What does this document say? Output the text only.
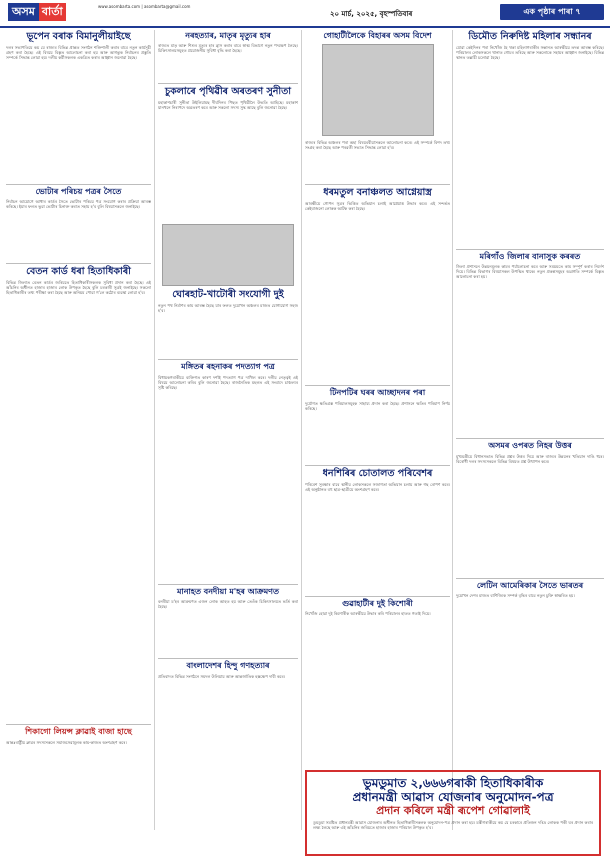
অসম বাৰ্তা	www.asombarta.com | asombarta@gmail.com
২০ মাৰ্চ, ২০২৫, বৃহস্পতিবাৰ	এক পৃষ্ঠাৰ পাৰা ৭
ভূপেন বৰাক বিমানুলীয়াইছে
দলৰ সভাপতিয়ে কয় যে ৰাজ্যৰ বিভিন্ন প্ৰান্তত সংগঠন শক্তিশালী কৰাৰ বাবে নতুন কাৰ্যসূচী গ্ৰহণ কৰা হৈছে। এই বিষয়ে বিস্তৃত আলোচনা কৰা হয় আৰু আগন্তুক নিৰ্বাচনৰ প্ৰস্তুতি সম্পৰ্কে সিদ্ধান্ত লোৱা হয়। দলীয় কৰ্মীসকলক একত্ৰিত কৰাৰ আহ্বান জনোৱা হৈছে।
ভোটাৰ পৰিচয় পত্ৰৰ সৈতে
নিৰ্বাচন আয়োগে আধাৰ কাৰ্ডৰ সৈতে ভোটাৰ পৰিচয় পত্ৰ সংযোগ কৰাৰ প্ৰক্ৰিয়া আৰম্ভ কৰিছে। ইয়াৰ ফলত ভুৱা ভোটাৰ চিনাক্ত কৰাত সহায় হ'ব বুলি বিষয়াসকলে জনাইছে।
বেতন কাৰ্ড ধৰা হিতাধিকাৰী
বিভিন্ন জিলাত বেতন কাৰ্ডৰ জৰিয়তে হিতাধিকাৰীসকলক সুবিধা প্ৰদান কৰা হৈছে। এই আঁচনিৰ অধীনত হাজাৰ হাজাৰ লোক উপকৃত হৈছে বুলি চৰকাৰী সূত্ৰই জনাইছে। সকলো হিতাধিকাৰীৰ তথ্য পৰীক্ষা কৰা হৈছে আৰু অনিয়ম পোৱা গ'লে কঠোৰ ব্যৱস্থা লোৱা হ'ব।
শিকাগো লিয়ন্স ক্লাৱাই বাজা হাছে
আন্তঃৰাষ্ট্ৰীয় ক্লাৱৰ সদস্যসকলে সমাজসেৱামূলক কাম-কাজত অংশগ্ৰহণ কৰে।
নৰহত্যাৰ, মাতৃৰ মৃত্যুৰ হাৰ
ৰাজ্যত মাতৃ আৰু শিশুৰ মৃত্যুৰ হাৰ হ্ৰাস কৰাৰ বাবে স্বাস্থ্য বিভাগে নতুন পদক্ষেপ লৈছে। চিকিৎসালয়সমূহত প্ৰয়োজনীয় সুবিধা বৃদ্ধি কৰা হৈছে।
চুকলাৰে পৃথিৱীৰ অৰতৰণ সুনীতা
মহাকাশচাৰী সুনীতা উইলিয়ামছ দীৰ্ঘদিনৰ পিছত পৃথিৱীলৈ উভতি আহিছে। মহাকাশ যানখনে নিৰাপদে অৱতৰণ কৰে আৰু সকলো সদস্য সুস্থ আছে বুলি জনোৱা হৈছে।
ঘোৰহাট-খাটোৰী সংযোগী দুই
নতুন পথ নিৰ্মাণৰ কাম আৰম্ভ হৈছে যাৰ ফলত দুয়োখন অঞ্চলৰ মাজত যোগাযোগ সহজ হ'ব।
মঙ্গিতৰ ৰহনাকৰ পদত্যাগ পত্ৰ
বিধায়কগৰাকীয়ে ব্যক্তিগত কাৰণ দৰ্শাই পদত্যাগ পত্ৰ দাখিল কৰে। দলীয় নেতৃত্বই এই বিষয়ে আলোচনা কৰিব বুলি জনোৱা হৈছে। ৰাজনৈতিক মহলত এই সংবাদে চাঞ্চল্যৰ সৃষ্টি কৰিছে।
মানাহত বনদীয়া ম'হৰ আক্ৰমণত
বনৰীয়া ম'হৰ আক্ৰমণত এজন লোক আহত হয় আৰু তেওঁক চিকিৎসালয়ত ভৰ্তি কৰা হৈছে।
বাংলাদেশৰ হিন্দু গণহত্যাৰ
প্ৰতিবাদত বিভিন্ন সংগঠনে সমদল উলিয়ায় আৰু আন্তৰ্জাতিক হস্তক্ষেপ দাবী কৰে।
গোহাটীলৈকে বিহাৰৰ অসম বিদেশ
ৰাজ্যৰ বিভিন্ন অঞ্চলৰ পৰা অহা বিষয়ববীয়াসকলে আলোচনা কৰে। এই সম্পৰ্কে বিশদ তথ্য সংগ্ৰহ কৰা হৈছে আৰু পৰৱৰ্তী সভাত সিদ্ধান্ত লোৱা হ'ব।
ধৰমতুল বনাঞ্চলত আগ্নেয়াস্ত্ৰ
আৰক্ষীয়ে গোপন সূত্ৰৰ ভিত্তিত অভিযান চলাই আগ্নেয়াস্ত্ৰ উদ্ধাৰ কৰে। এই সন্দৰ্ভত কেইবাজনো লোকক আটক কৰা হৈছে।
টিনপটিৰ ঘৰৰ আচ্ছাদনৰ পৰা
দুৰ্যোগত ক্ষতিগ্ৰস্ত পৰিয়ালসমূহক সাহায্য প্ৰদান কৰা হৈছে। প্ৰশাসনে ক্ষতিৰ পৰিমাণ নিৰ্ণয় কৰিছে।
ধনশিৰিৰ চোতালত পৰিবেশৰ
পৰিবেশ সুৰক্ষাৰ বাবে স্থানীয় লোকসকলে সজাগতা অভিযান চলায় আৰু গছ ৰোপণ কৰে। এই অনুষ্ঠানত বহু ছাত্ৰ-ছাত্ৰীয়ে অংশগ্ৰহণ কৰে।
গুৱাহাটীৰ দুই কিশোৰী
নিখোঁজ হোৱা দুই কিশোৰীক আৰক্ষীয়ে উদ্ধাৰ কৰি পৰিয়ালৰ হাতত গতাই দিয়ে।
ডিমৌত নিৰুদিষ্ট মহিলাৰ সন্ধানৰ
যোৱা কেইদিনৰ পৰা নিখোঁজ হৈ থকা মহিলাগৰাকীৰ সন্ধানত আৰক্ষীয়ে তদন্ত আৰম্ভ কৰিছে। পৰিয়ালৰ লোকসকলে থানাত গোচৰ তৰিছে আৰু সকলোকে সহায়ৰ আহ্বান জনাইছে। বিভিন্ন স্থানত তল্লাচী চলোৱা হৈছে।
মৰিগাঁও জিলাৰ বানাসুক কৰৰত
জিলা প্ৰশাসনে উন্নয়নমূলক কামৰ পৰ্যালোচনা কৰে আৰু সময়মতে কাম সম্পূৰ্ণ কৰাৰ নিৰ্দেশ দিয়ে। বিভিন্ন বিভাগৰ বিষয়াসকল উপস্থিত থাকে। নতুন প্ৰকল্পসমূহৰ অগ্ৰগতি সম্পৰ্কে বিস্তৃত আলোচনা কৰা হয়।
অসমৰ ওপৰত নিহৰ উত্তৰ
মুখ্যমন্ত্ৰীয়ে বিধানসভাত বিভিন্ন প্ৰশ্নৰ উত্তৰ দিয়ে আৰু ৰাজ্যৰ উন্নয়নৰ খতিয়ান দাঙি ধৰে। বিৰোধী দলৰ সদস্যসকলে বিভিন্ন বিষয়ত প্ৰশ্ন উত্থাপন কৰে।
লেটিন আমেৰিকাৰ সৈতে ভাৰতৰ
দুয়োখন দেশৰ মাজত বাণিজ্যিক সম্পৰ্ক বৃদ্ধিৰ বাবে নতুন চুক্তি স্বাক্ষৰিত হয়।
ভুমডুমাত ২,৬৬৬গৰাকী হিতাধিকাৰীক
প্ৰধানমন্ত্ৰী আৱাস যোজনাৰ অনুমোদন-পত্ৰ
প্ৰদান কৰিলে মন্ত্ৰী ৰূপেশ গোৱালাই
ডুমডুমা সমষ্টিত প্ৰধানমন্ত্ৰী আৱাস যোজনাৰ অধীনত হিতাধিকাৰীসকলক অনুমোদন-পত্ৰ প্ৰদান কৰা হয়। মন্ত্ৰীগৰাকীয়ে কয় যে চৰকাৰে প্ৰতিজন দৰিদ্ৰ লোকক পকী ঘৰ প্ৰদান কৰাৰ লক্ষ্য লৈছে আৰু এই আঁচনিৰ জৰিয়তে হাজাৰ হাজাৰ পৰিয়াল উপকৃত হ'ব।
